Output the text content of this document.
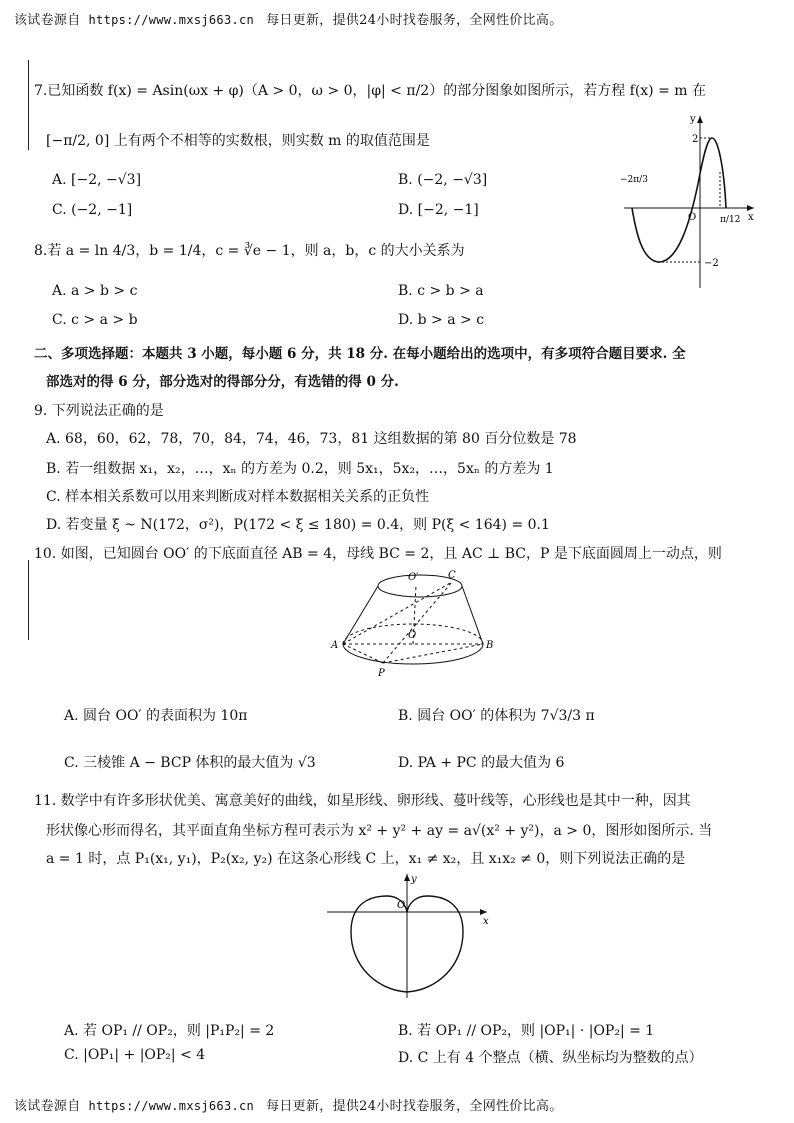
该试卷源自 https://www.mxsj663.cn 每日更新，提供24小时找卷服务，全网性价比高。
7.已知函数 f(x) = Asin(ωx + φ)（A > 0，ω > 0，|φ| < π/2）的部分图象如图所示，若方程 f(x) = m 在
[−π/2, 0] 上有两个不相等的实数根，则实数 m 的取值范围是
A. [−2, −√3]	B. (−2, −√3]
C. (−2, −1]	D. [−2, −1]
y
2
−2
O	x
−2π/3
π/12
8.若 a = ln 4/3，b = 1/4，c = ∛e − 1，则 a，b，c 的大小关系为
A. a > b > c	B. c > b > a
C. c > a > b	D. b > a > c
二、多项选择题：本题共 3 小题，每小题 6 分，共 18 分. 在每小题给出的选项中，有多项符合题目要求. 全
部选对的得 6 分，部分选对的得部分分，有选错的得 0 分.
9. 下列说法正确的是
A. 68，60，62，78，70，84，74，46，73，81 这组数据的第 80 百分位数是 78
B. 若一组数据 x₁，x₂，…，xₙ 的方差为 0.2，则 5x₁，5x₂，…，5xₙ 的方差为 1
C. 样本相关系数可以用来判断成对样本数据相关关系的正负性
D. 若变量 ξ ~ N(172，σ²)，P(172 < ξ ≤ 180) = 0.4，则 P(ξ < 164) = 0.1
10. 如图，已知圆台 OO′ 的下底面直径 AB = 4，母线 BC = 2，且 AC ⊥ BC，P 是下底面圆周上一动点，则
O′	C
O
A	B
P
A. 圆台 OO′ 的表面积为 10π	B. 圆台 OO′ 的体积为 7√3/3 π
C. 三棱锥 A − BCP 体积的最大值为 √3	D. PA + PC 的最大值为 6
11. 数学中有许多形状优美、寓意美好的曲线，如星形线、卵形线、蔓叶线等，心形线也是其中一种，因其
形状像心形而得名，其平面直角坐标方程可表示为 x² + y² + ay = a√(x² + y²)，a > 0，图形如图所示. 当
a = 1 时，点 P₁(x₁, y₁)，P₂(x₂, y₂) 在这条心形线 C 上，x₁ ≠ x₂，且 x₁x₂ ≠ 0，则下列说法正确的是
y
x
O
A. 若 OP₁ // OP₂，则 |P₁P₂| = 2	B. 若 OP₁ // OP₂，则 |OP₁| · |OP₂| = 1
C. |OP₁| + |OP₂| < 4	D. C 上有 4 个整点（横、纵坐标均为整数的点）
该试卷源自 https://www.mxsj663.cn 每日更新，提供24小时找卷服务，全网性价比高。
